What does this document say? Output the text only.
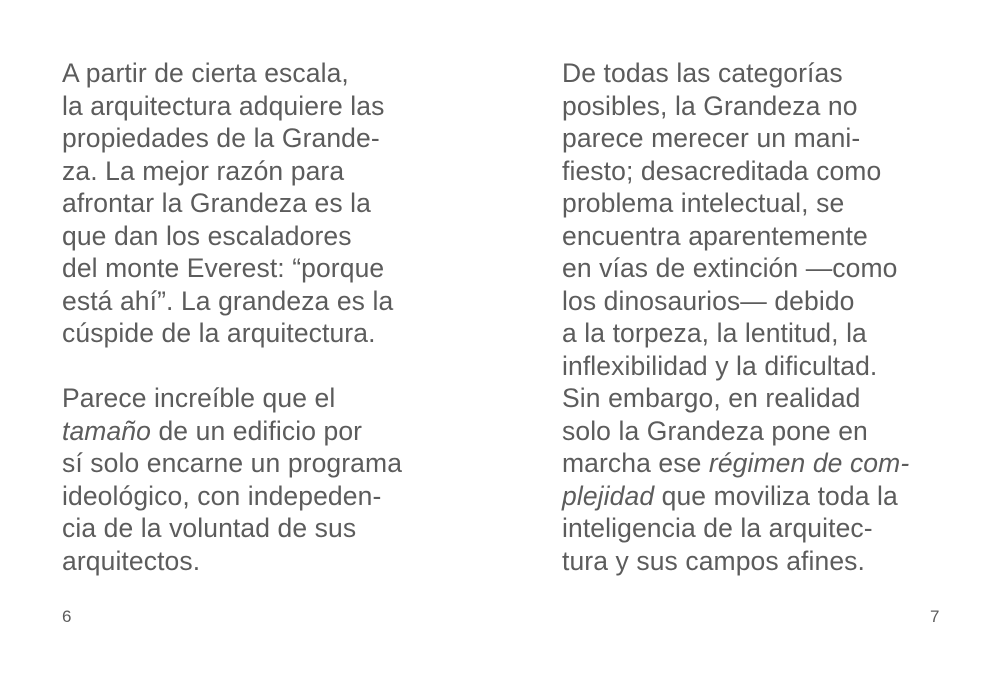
A partir de cierta escala,
la arquitectura adquiere las
propiedades de la Grande-
za. La mejor razón para
afrontar la Grandeza es la
que dan los escaladores
del monte Everest: “porque
está ahí”. La grandeza es la
cúspide de la arquitectura.
Parece increíble que el
tamaño de un edificio por
sí solo encarne un programa
ideológico, con indepeden-
cia de la voluntad de sus
arquitectos.
6
De todas las categorías
posibles, la Grandeza no
parece merecer un mani-
fiesto; desacreditada como
problema intelectual, se
encuentra aparentemente
en vías de extinción —como
los dinosaurios— debido
a la torpeza, la lentitud, la
inflexibilidad y la dificultad.
Sin embargo, en realidad
solo la Grandeza pone en
marcha ese régimen de com-
plejidad que moviliza toda la
inteligencia de la arquitec-
tura y sus campos afines.
7
